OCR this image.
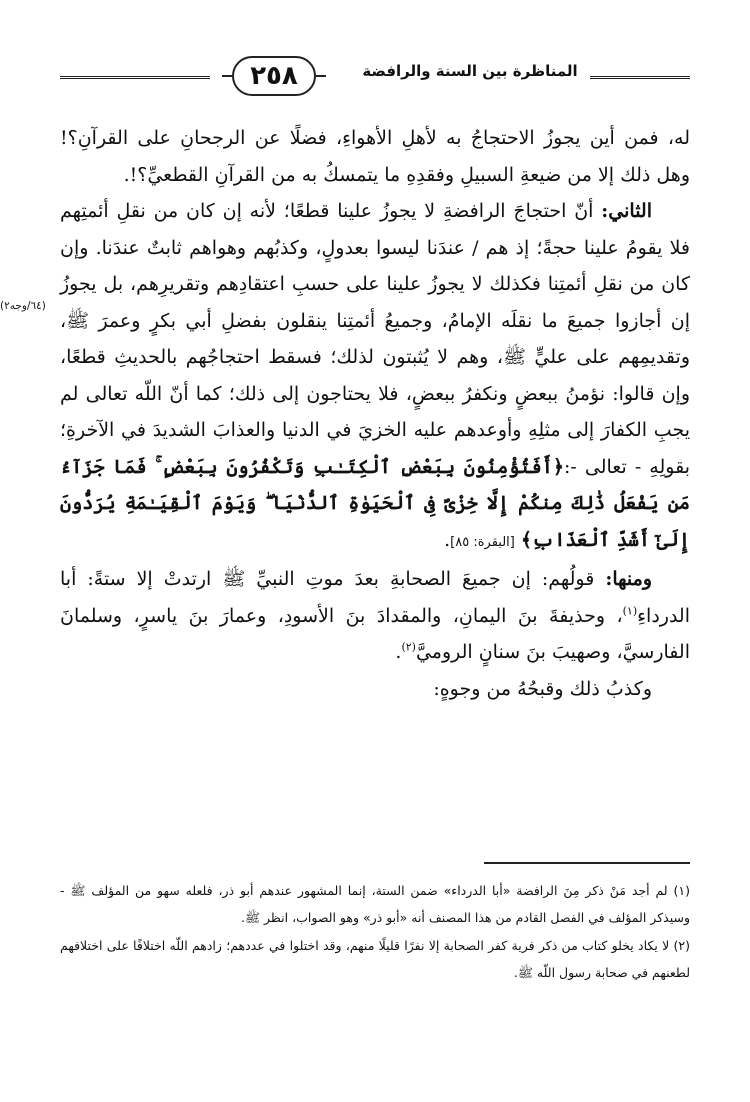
٢٥٨	المناظرة بين السنة والرافضة
(٦٤/وجه٢)

له، فمن أين يجوزُ الاحتجاجُ به لأهلِ الأهواءِ، فضلًا عن الرجحانِ على القرآنِ؟! وهل ذلك إلا من ضيعةِ السبيلِ وفقدِهِ ما يتمسكُ به من القرآنِ القطعيِّ؟!.

الثاني: أنّ احتجاجَ الرافضةِ لا يجوزُ علينا قطعًا؛ لأنه إن كان من نقلِ أئمتِهم فلا يقومُ علينا حجةً؛ إذ هم / عندَنا ليسوا بعدولٍ، وكذبُهم وهواهم ثابتٌ عندَنا. وإن كان من نقلِ أئمتِنا فكذلك لا يجوزُ علينا على حسبِ اعتقادِهم وتقريرِهم، بل يجوزُ إن أجازوا جميعَ ما نقلَه الإمامُ، وجميعُ أئمتِنا ينقلون بفضلِ أبي بكرٍ وعمرَ ﷺ، وتقديمِهم على عليٍّ ﷺ، وهم لا يُثبتون لذلك؛ فسقط احتجاجُهم بالحديثِ قطعًا، وإن قالوا: نؤمنُ ببعضٍ ونكفرُ ببعضٍ، فلا يحتاجون إلى ذلك؛ كما أنّ اللّه تعالى لم يجبِ الكفارَ إلى مثلِهِ وأوعدهم عليه الخزيَ في الدنيا والعذابَ الشديدَ في الآخرةِ؛ بقولِهِ - تعالى -:﴿أَفَتُؤْمِنُونَ بِبَعْضِ ٱلْكِتَـٰبِ وَتَكْفُرُونَ بِبَعْضٍ ۚ فَمَا جَزَآءُ مَن يَفْعَلُ ذَٰلِكَ مِنكُمْ إِلَّا خِزْىٌ فِى ٱلْحَيَوٰةِ ٱلدُّنْيَا ۖ وَيَوْمَ ٱلْقِيَـٰمَةِ يُرَدُّونَ إِلَىٰٓ أَشَدِّ ٱلْعَذَابِ﴾ [البقرة: ٨٥].

ومنها: قولُهم: إن جميعَ الصحابةِ بعدَ موتِ النبيِّ ﷺ ارتدتْ إلا ستةً: أبا الدرداءِ$^{(١)}$، وحذيفةَ بنَ اليمانِ، والمقدادَ بنَ الأسودِ، وعمارَ بنَ ياسرٍ، وسلمانَ الفارسيَّ، وصهيبَ بنَ سنانٍ الروميَّ$^{(٢)}$.

وكذبُ ذلك وقبحُهُ من وجوهٍ:

(١) لم أجد مَنْ ذكر مِنَ الرافضة «أبا الدرداء» ضمن الستة، إنما المشهور عندهم أبو ذر، فلعله سهو من المؤلف ﷺ - وسيذكر المؤلف في الفصل القادم من هذا المصنف أنه «أبو ذر» وهو الصواب، انظر ﷺ.

(٢) لا يكاد يخلو كتاب من ذكر فرية كفر الصحابة إلا نفرًا قليلًا منهم، وقد اختلوا في عددهم؛ زادهم اللّه اختلافًا على اختلافهم لطعنهم في صحابة رسول اللّه ﷺ.
